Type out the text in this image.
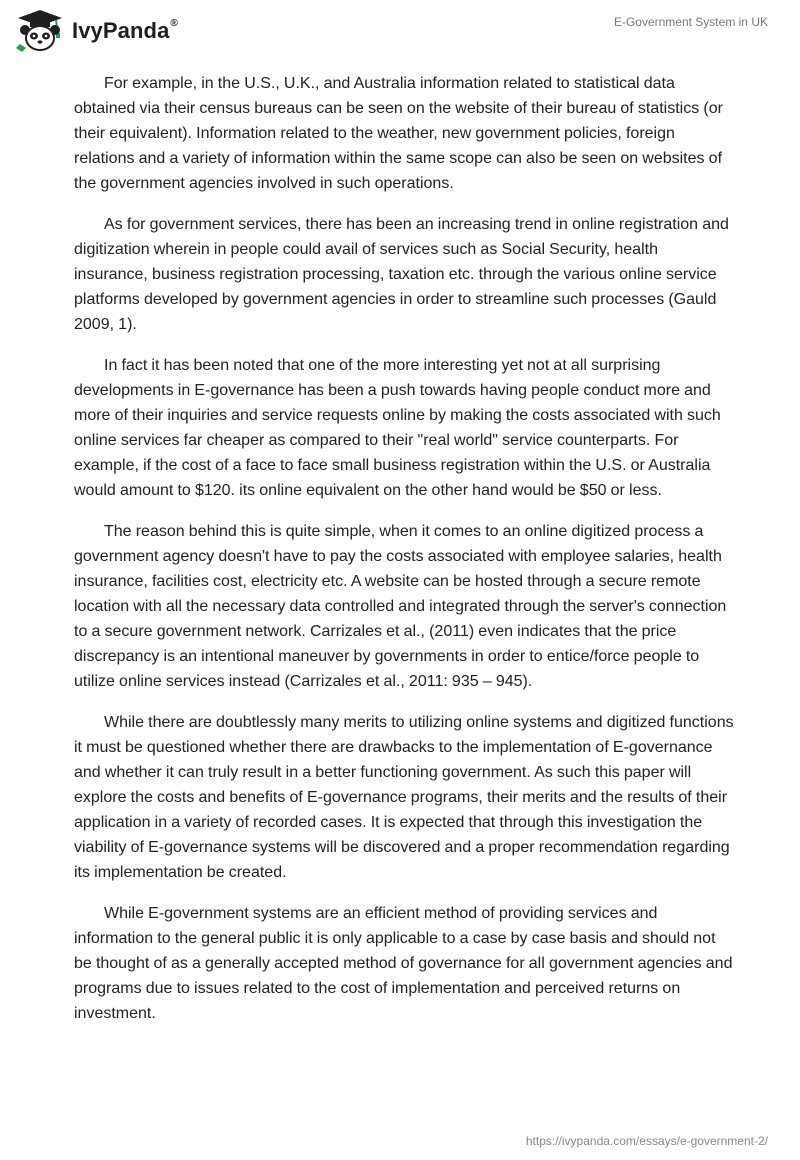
IvyPanda®	E-Government System in UK

For example, in the U.S., U.K., and Australia information related to statistical data obtained via their census bureaus can be seen on the website of their bureau of statistics (or their equivalent). Information related to the weather, new government policies, foreign relations and a variety of information within the same scope can also be seen on websites of the government agencies involved in such operations.

As for government services, there has been an increasing trend in online registration and digitization wherein in people could avail of services such as Social Security, health insurance, business registration processing, taxation etc. through the various online service platforms developed by government agencies in order to streamline such processes (Gauld 2009, 1).

In fact it has been noted that one of the more interesting yet not at all surprising developments in E-governance has been a push towards having people conduct more and more of their inquiries and service requests online by making the costs associated with such online services far cheaper as compared to their "real world" service counterparts. For example, if the cost of a face to face small business registration within the U.S. or Australia would amount to $120. its online equivalent on the other hand would be $50 or less.

The reason behind this is quite simple, when it comes to an online digitized process a government agency doesn't have to pay the costs associated with employee salaries, health insurance, facilities cost, electricity etc. A website can be hosted through a secure remote location with all the necessary data controlled and integrated through the server's connection to a secure government network. Carrizales et al., (2011) even indicates that the price discrepancy is an intentional maneuver by governments in order to entice/force people to utilize online services instead (Carrizales et al., 2011: 935 – 945).

While there are doubtlessly many merits to utilizing online systems and digitized functions it must be questioned whether there are drawbacks to the implementation of E-governance and whether it can truly result in a better functioning government. As such this paper will explore the costs and benefits of E-governance programs, their merits and the results of their application in a variety of recorded cases. It is expected that through this investigation the viability of E-governance systems will be discovered and a proper recommendation regarding its implementation be created.

While E-government systems are an efficient method of providing services and information to the general public it is only applicable to a case by case basis and should not be thought of as a generally accepted method of governance for all government agencies and programs due to issues related to the cost of implementation and perceived returns on investment.

https://ivypanda.com/essays/e-government-2/
